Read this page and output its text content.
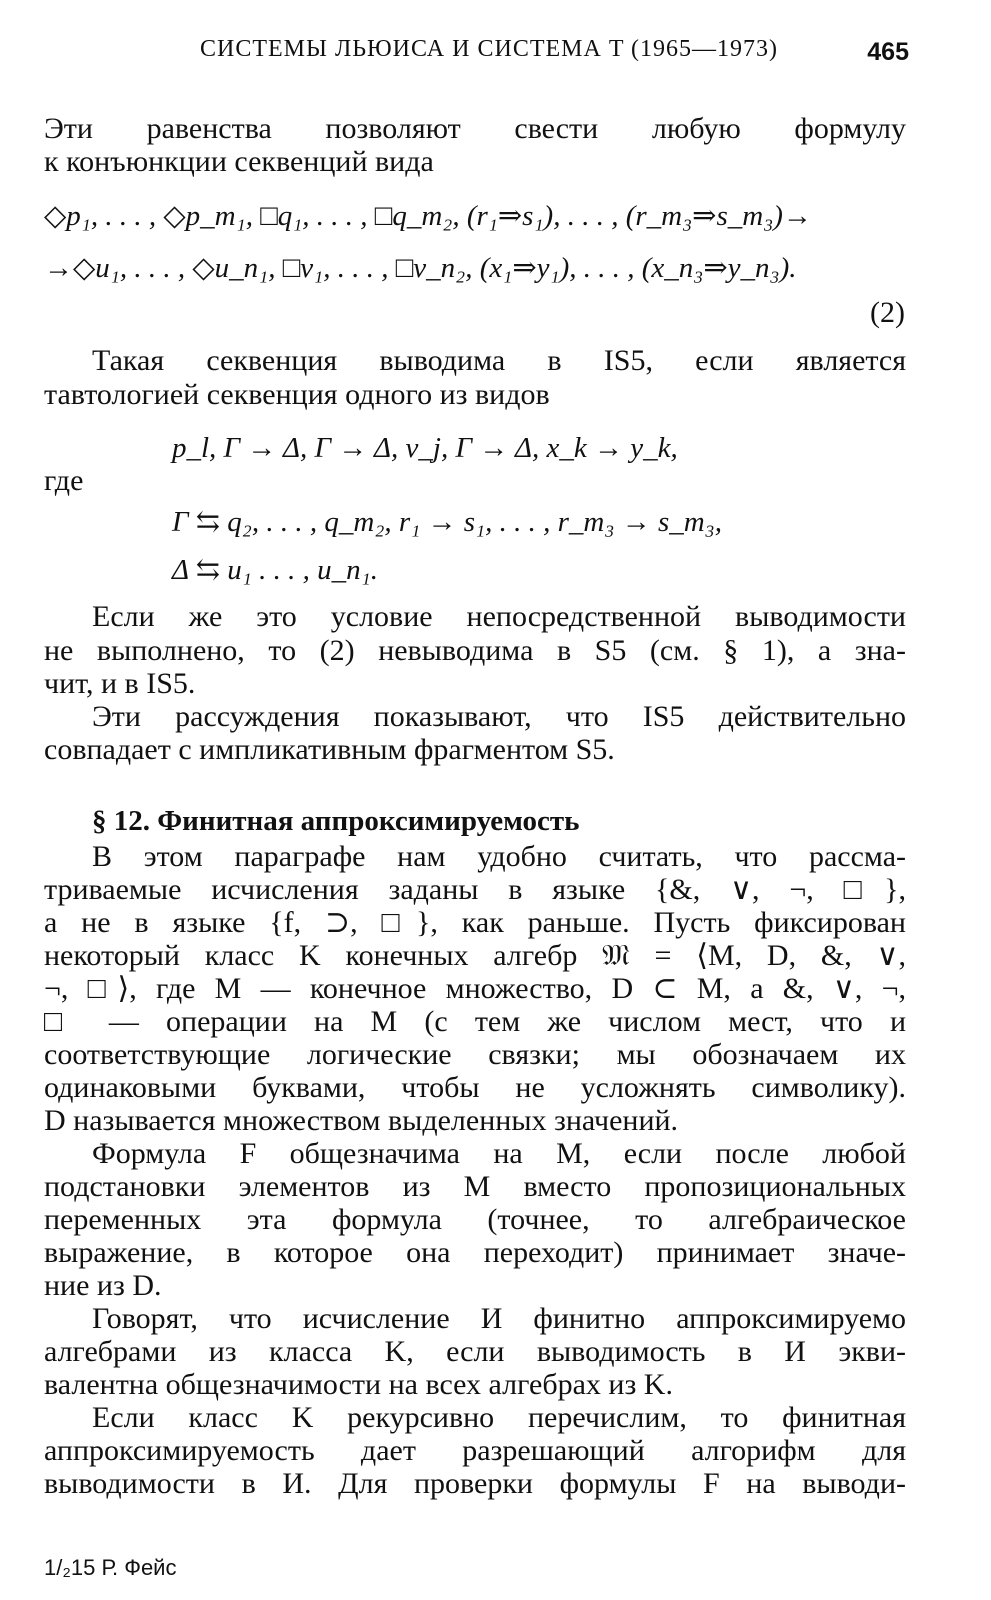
СИСТЕМЫ ЛЬЮИСА И СИСТЕМА T (1965—1973)	465
Эти равенства позволяют свести любую формулу
к конъюнкции секвенций вида
◇p₁, . . . , ◇p_m₁, □q₁, . . . , □q_m₂, (r₁⇒s₁), . . . , (r_m₃⇒s_m₃)→
→◇u₁, . . . , ◇u_n₁, □v₁, . . . , □v_n₂, (x₁⇒y₁), . . . , (x_n₃⇒y_n₃).
(2)
Такая секвенция выводима в IS5, если является
тавтологией секвенция одного из видов
p_l, Γ → Δ, Γ → Δ, v_j, Γ → Δ, x_k → y_k,
где
Γ ⇆ q₂, . . . , q_m₂, r₁ → s₁, . . . , r_m₃ → s_m₃,
Δ ⇆ u₁ . . . , u_n₁.
Если же это условие непосредственной выводимости
не выполнено, то (2) невыводима в S5 (см. § 1), а зна-
чит, и в IS5.
Эти рассуждения показывают, что IS5 действительно
совпадает с импликативным фрагментом S5.
§ 12. Финитная аппроксимируемость
В этом параграфе нам удобно считать, что рассма-
триваемые исчисления заданы в языке {&, ∨, ¬, □},
а не в языке {f, ⊃, □}, как раньше. Пусть фиксирован
некоторый класс K конечных алгебр 𝔐 = ⟨M, D, &, ∨,
¬, □⟩, где M — конечное множество, D ⊂ M, а &, ∨, ¬,
□ — операции на M (с тем же числом мест, что и
соответствующие логические связки; мы обозначаем их
одинаковыми буквами, чтобы не усложнять символику).
D называется множеством выделенных значений.
Формула F общезначима на M, если после любой
подстановки элементов из M вместо пропозициональных
переменных эта формула (точнее, то алгебраическое
выражение, в которое она переходит) принимает значе-
ние из D.
Говорят, что исчисление И финитно аппроксимируемо
алгебрами из класса K, если выводимость в И экви-
валентна общезначимости на всех алгебрах из K.
Если класс K рекурсивно перечислим, то финитная
аппроксимируемость дает разрешающий алгорифм для
выводимости в И. Для проверки формулы F на выводи-
1/₂15 Р. Фейс
